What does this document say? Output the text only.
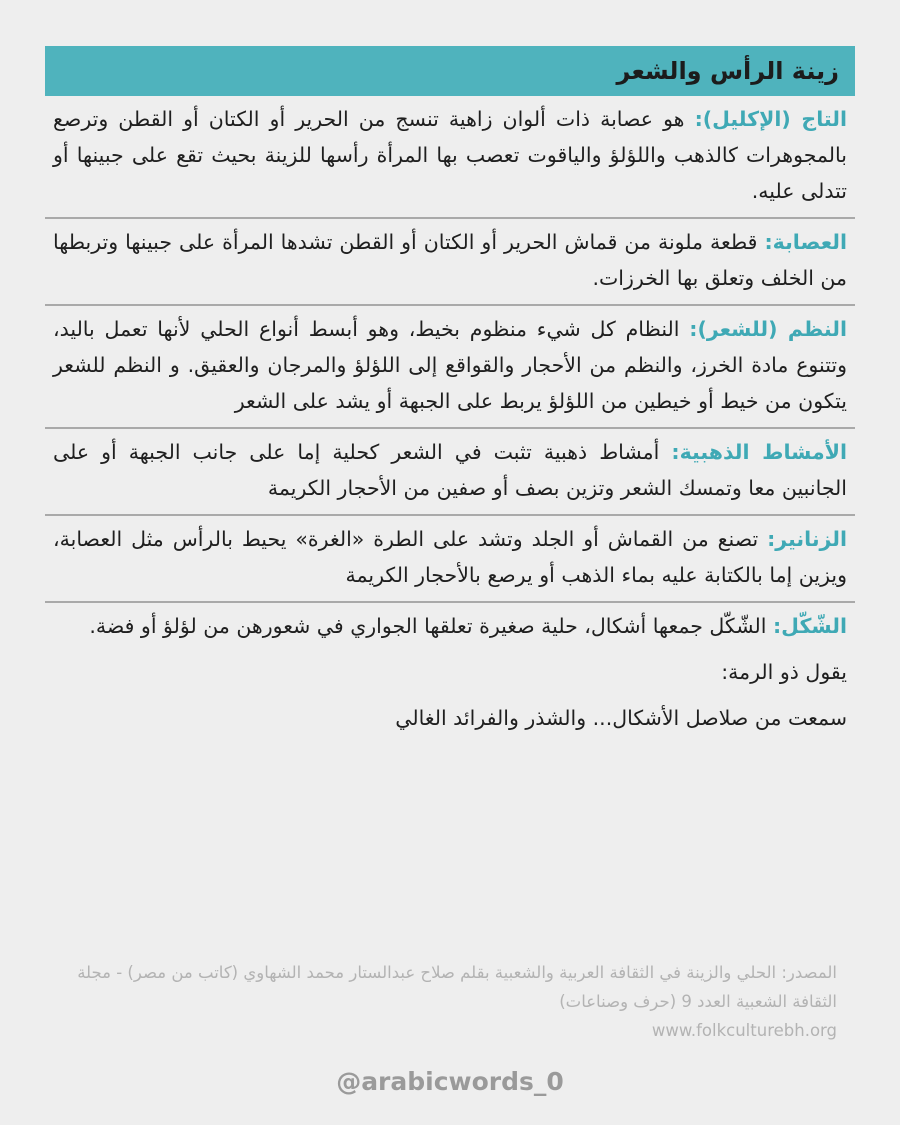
زينة الرأس والشعر

التاج (الإكليل): هو عصابة ذات ألوان زاهية تنسج من الحرير أو الكتان أو القطن وترصع بالمجوهرات كالذهب واللؤلؤ والياقوت تعصب بها المرأة رأسها للزينة بحيث تقع على جبينها أو تتدلى عليه.

العصابة: قطعة ملونة من قماش الحرير أو الكتان أو القطن تشدها المرأة على جبينها وتربطها من الخلف وتعلق بها الخرزات.

النظم (للشعر): النظام كل شيء منظوم بخيط، وهو أبسط أنواع الحلي لأنها تعمل باليد، وتتنوع مادة الخرز، والنظم من الأحجار والقواقع إلى اللؤلؤ والمرجان والعقيق. و النظم للشعر يتكون من خيط أو خيطين من اللؤلؤ يربط على الجبهة أو يشد على الشعر

الأمشاط الذهبية: أمشاط ذهبية تثبت في الشعر كحلية إما على جانب الجبهة أو على الجانبين معا وتمسك الشعر وتزين بصف أو صفين من الأحجار الكريمة

الزنانير: تصنع من القماش أو الجلد وتشد على الطرة «الغرة» يحيط بالرأس مثل العصابة، ويزين إما بالكتابة عليه بماء الذهب أو يرصع بالأحجار الكريمة

الشّكّل: الشّكّل جمعها أشكال، حلية صغيرة تعلقها الجواري في شعورهن من لؤلؤ أو فضة.

يقول ذو الرمة:

سمعت من صلاصل الأشكال... والشذر والفرائد الغالي

المصدر: الحلي والزينة في الثقافة العربية والشعبية بقلم صلاح عبدالستار محمد الشهاوي (كاتب من مصر) - مجلة الثقافة الشعبية العدد 9 (حرف وصناعات)
www.folkculturebh.org
@arabicwords_0
